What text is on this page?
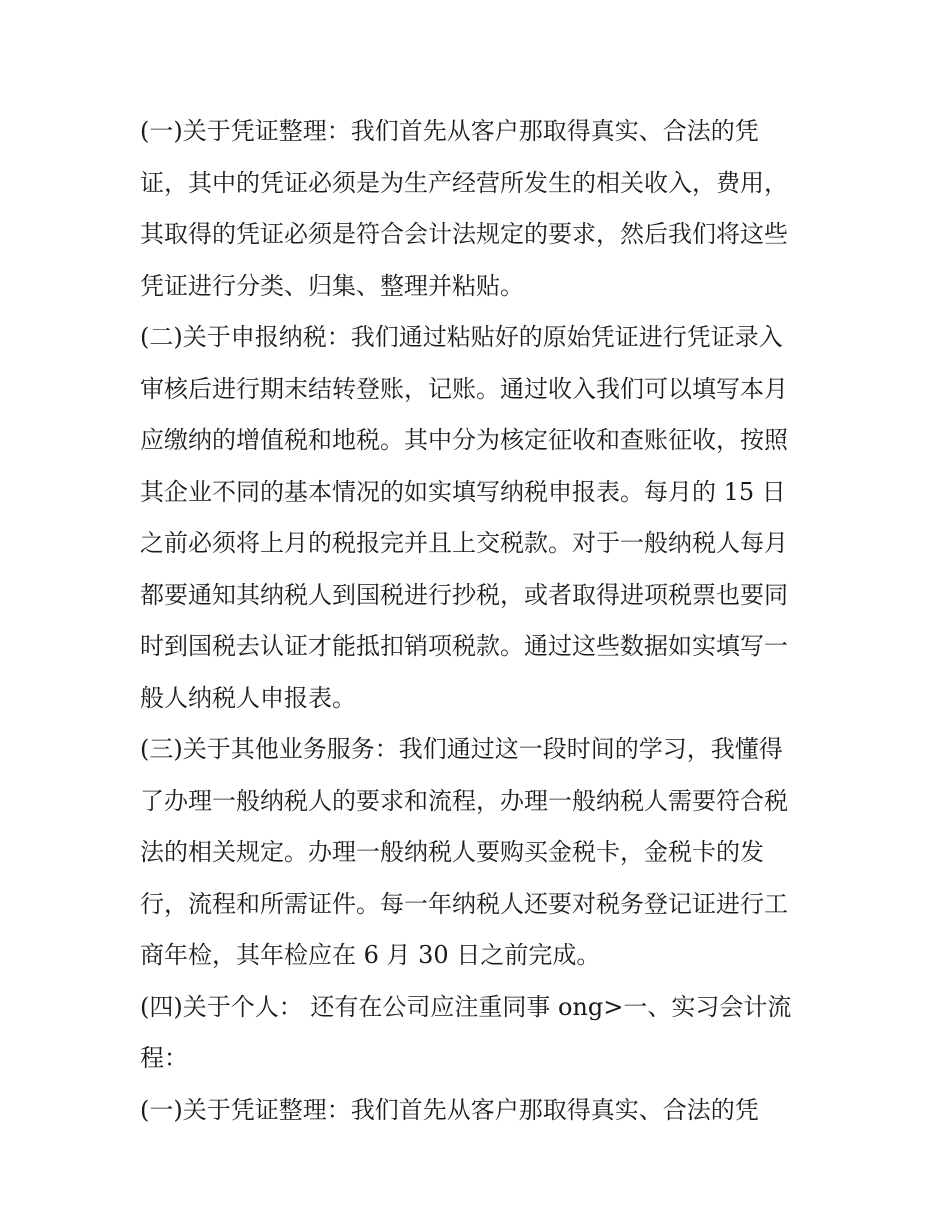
(一)关于凭证整理：我们首先从客户那取得真实、合法的凭
证，其中的凭证必须是为生产经营所发生的相关收入，费用，
其取得的凭证必须是符合会计法规定的要求，然后我们将这些
凭证进行分类、归集、整理并粘贴。
(二)关于申报纳税：我们通过粘贴好的原始凭证进行凭证录入
审核后进行期末结转登账，记账。通过收入我们可以填写本月
应缴纳的增值税和地税。其中分为核定征收和查账征收，按照
其企业不同的基本情况的如实填写纳税申报表。每月的 15 日
之前必须将上月的税报完并且上交税款。对于一般纳税人每月
都要通知其纳税人到国税进行抄税，或者取得进项税票也要同
时到国税去认证才能抵扣销项税款。通过这些数据如实填写一
般人纳税人申报表。
(三)关于其他业务服务：我们通过这一段时间的学习，我懂得
了办理一般纳税人的要求和流程，办理一般纳税人需要符合税
法的相关规定。办理一般纳税人要购买金税卡，金税卡的发
行，流程和所需证件。每一年纳税人还要对税务登记证进行工
商年检，其年检应在 6 月 30 日之前完成。
(四)关于个人： 还有在公司应注重同事 ong>一、实习会计流
程：
(一)关于凭证整理：我们首先从客户那取得真实、合法的凭
